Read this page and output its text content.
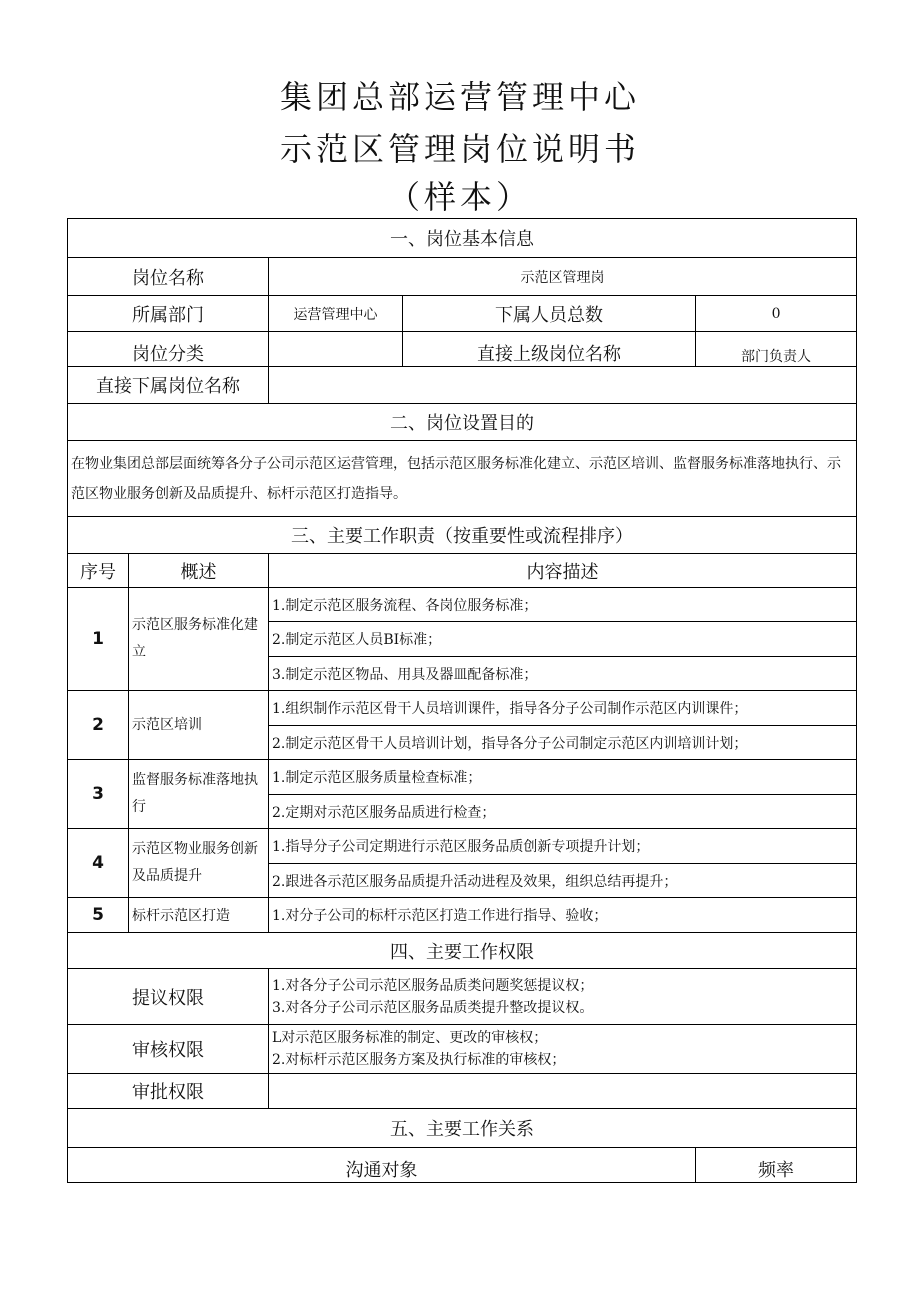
集团总部运营管理中心
示范区管理岗位说明书
（样本）
一、岗位基本信息				
岗位名称		示范区管理岗		
所属部门		运营管理中心	下属人员总数	0
岗位分类			直接上级岗位名称	部门负责人
直接下属岗位名称				
二、岗位设置目的				
在物业集团总部层面统筹各分子公司示范区运营管理，包括示范区服务标准化建立、示范区培训、监督服务标准落地执行、示范区物业服务创新及品质提升、标杆示范区打造指导。				
三、主要工作职责（按重要性或流程排序）				
序号	概述	内容描述		
1	示范区服务标准化建立	1.制定示范区服务流程、各岗位服务标准；		
		2.制定示范区人员BI标准；		
		3.制定示范区物品、用具及器皿配备标准；		
2	示范区培训	1.组织制作示范区骨干人员培训课件，指导各分子公司制作示范区内训课件；		
		2.制定示范区骨干人员培训计划，指导各分子公司制定示范区内训培训计划；		
3	监督服务标准落地执行	1.制定示范区服务质量检查标准；		
		2.定期对示范区服务品质进行检查；		
4	示范区物业服务创新及品质提升	1.指导分子公司定期进行示范区服务品质创新专项提升计划；		
		2.跟进各示范区服务品质提升活动进程及效果，组织总结再提升；		
5	标杆示范区打造	1.对分子公司的标杆示范区打造工作进行指导、验收；		
四、主要工作权限				
提议权限		1.对各分子公司示范区服务品质类问题奖惩提议权；
3.对各分子公司示范区服务品质类提升整改提议权。		

审核权限		L对示范区服务标准的制定、更改的审核权；
2.对标杆示范区服务方案及执行标准的审核权；		

审批权限				
五、主要工作关系				
沟通对象				频率
